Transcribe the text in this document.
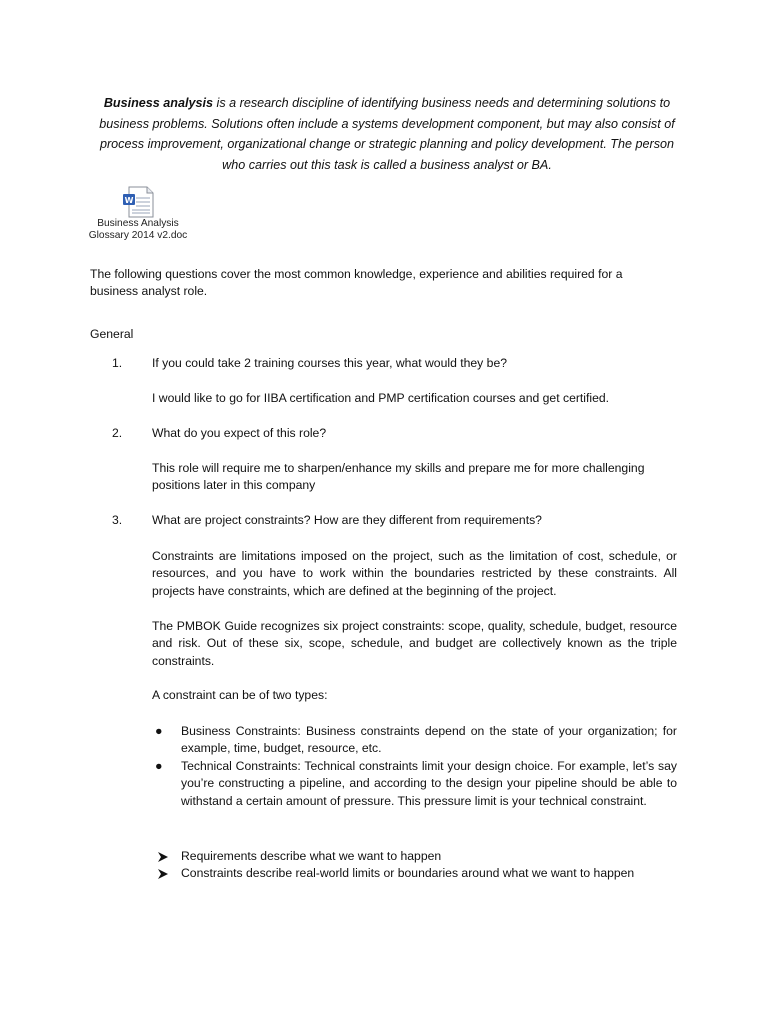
Business analysis is a research discipline of identifying business needs and determining solutions to
business problems. Solutions often include a systems development component, but may also consist of
process improvement, organizational change or strategic planning and policy development. The person
who carries out this task is called a business analyst or BA.
W
Business Analysis
Glossary 2014 v2.doc
The following questions cover the most common knowledge, experience and abilities required for a
business analyst role.
General
1. If you could take 2 training courses this year, what would they be?
I would like to go for IIBA certification and PMP certification courses and get certified.
2. What do you expect of this role?
This role will require me to sharpen/enhance my skills and prepare me for more challenging
positions later in this company
3. What are project constraints? How are they different from requirements?
Constraints are limitations imposed on the project, such as the limitation of cost, schedule, or resources, and you have to work within the boundaries restricted by these constraints. All projects have constraints, which are defined at the beginning of the project.
The PMBOK Guide recognizes six project constraints: scope, quality, schedule, budget, resource and risk. Out of these six, scope, schedule, and budget are collectively known as the triple constraints.
A constraint can be of two types:
● Business Constraints: Business constraints depend on the state of your organization; for example, time, budget, resource, etc.
● Technical Constraints: Technical constraints limit your design choice. For example, let’s say you’re constructing a pipeline, and according to the design your pipeline should be able to withstand a certain amount of pressure. This pressure limit is your technical constraint.
Requirements describe what we want to happen
Constraints describe real-world limits or boundaries around what we want to happen
